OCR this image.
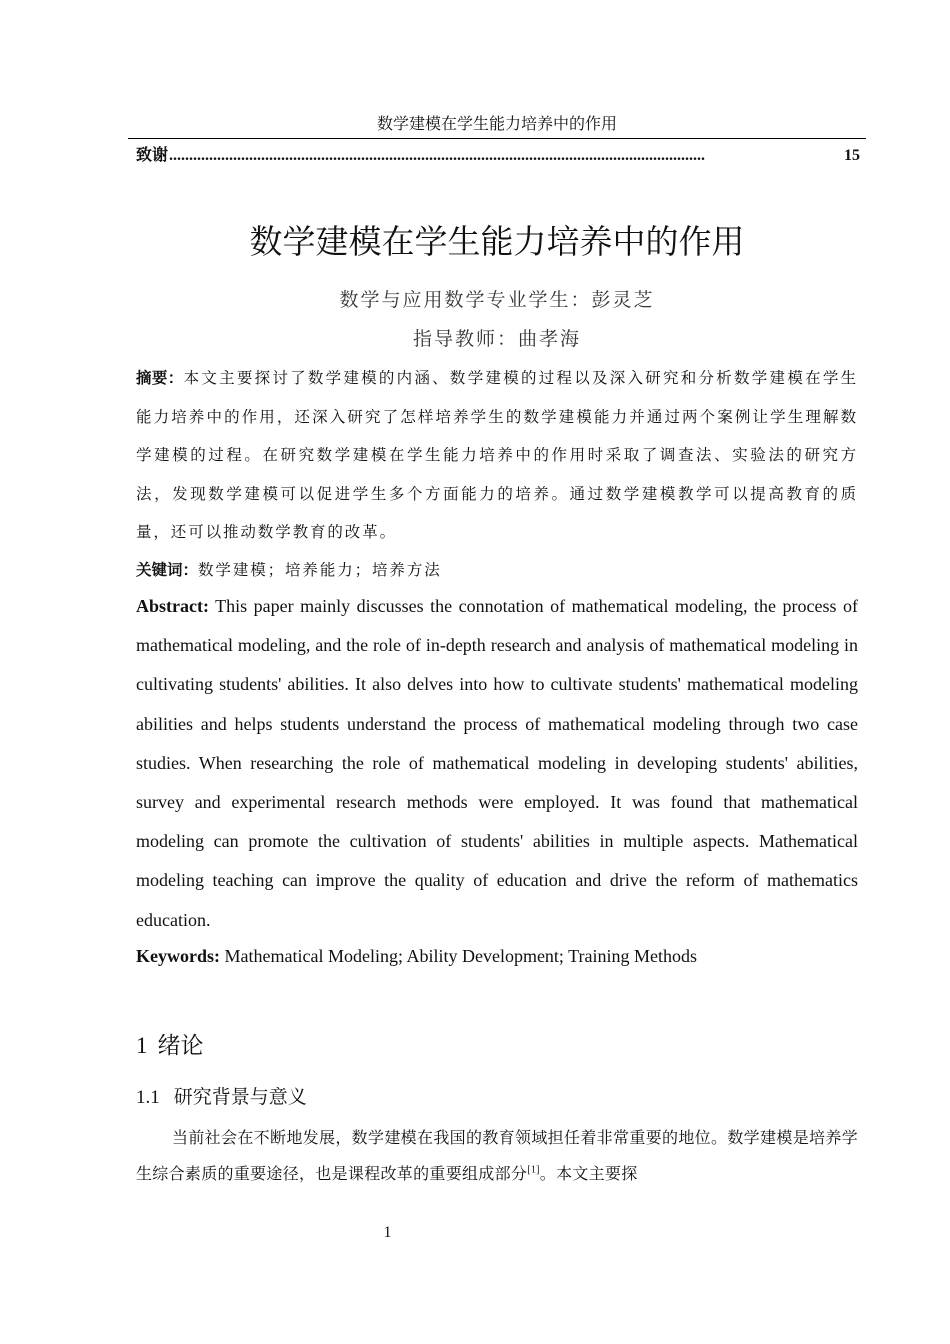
数学建模在学生能力培养中的作用
致谢 ......................................................................................................................................	15
数学建模在学生能力培养中的作用
数学与应用数学专业学生：彭灵芝
指导教师：曲孝海
摘要：本文主要探讨了数学建模的内涵、数学建模的过程以及深入研究和分析数学建模在学生能力培养中的作用，还深入研究了怎样培养学生的数学建模能力并通过两个案例让学生理解数学建模的过程。在研究数学建模在学生能力培养中的作用时采取了调查法、实验法的研究方法，发现数学建模可以促进学生多个方面能力的培养。通过数学建模教学可以提高教育的质量，还可以推动数学教育的改革。
关键词：数学建模；培养能力；培养方法
Abstract: This paper mainly discusses the connotation of mathematical modeling, the process of mathematical modeling, and the role of in-depth research and analysis of mathematical modeling in cultivating students' abilities. It also delves into how to cultivate students' mathematical modeling abilities and helps students understand the process of mathematical modeling through two case studies. When researching the role of mathematical modeling in developing students' abilities, survey and experimental research methods were employed. It was found that mathematical modeling can promote the cultivation of students' abilities in multiple aspects. Mathematical modeling teaching can improve the quality of education and drive the reform of mathematics education.
Keywords: Mathematical Modeling; Ability Development; Training Methods
1 绪论
1.1 研究背景与意义
当前社会在不断地发展，数学建模在我国的教育领域担任着非常重要的地位。数学建模是培养学生综合素质的重要途径，也是课程改革的重要组成部分[1]。本文主要探
1
